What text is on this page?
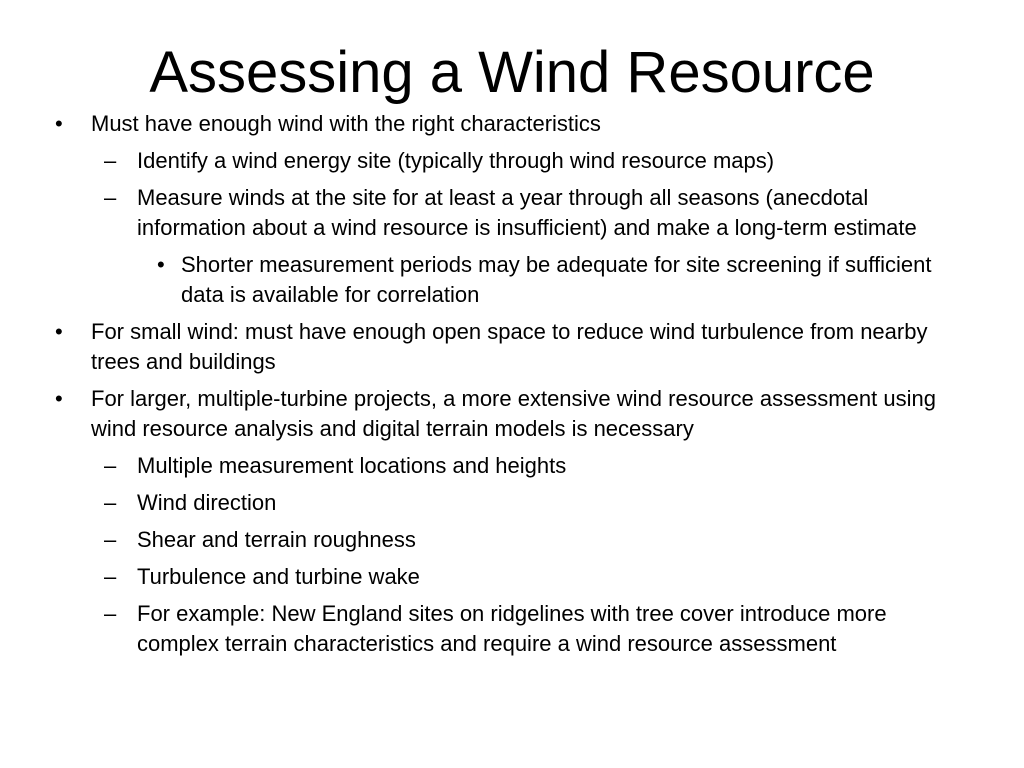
Assessing a Wind Resource
• Must have enough wind with the right characteristics
– Identify a wind energy site (typically through wind resource maps)
– Measure winds at the site for at least a year through all seasons (anecdotal information about a wind resource is insufficient) and make a long-term estimate
• Shorter measurement periods may be adequate for site screening if sufficient data is available for correlation
• For small wind: must have enough open space to reduce wind turbulence from nearby trees and buildings
• For larger, multiple-turbine projects, a more extensive wind resource assessment using wind resource analysis and digital terrain models is necessary
– Multiple measurement locations and heights
– Wind direction
– Shear and terrain roughness
– Turbulence and turbine wake
– For example: New England sites on ridgelines with tree cover introduce more complex terrain characteristics and require a wind resource assessment
